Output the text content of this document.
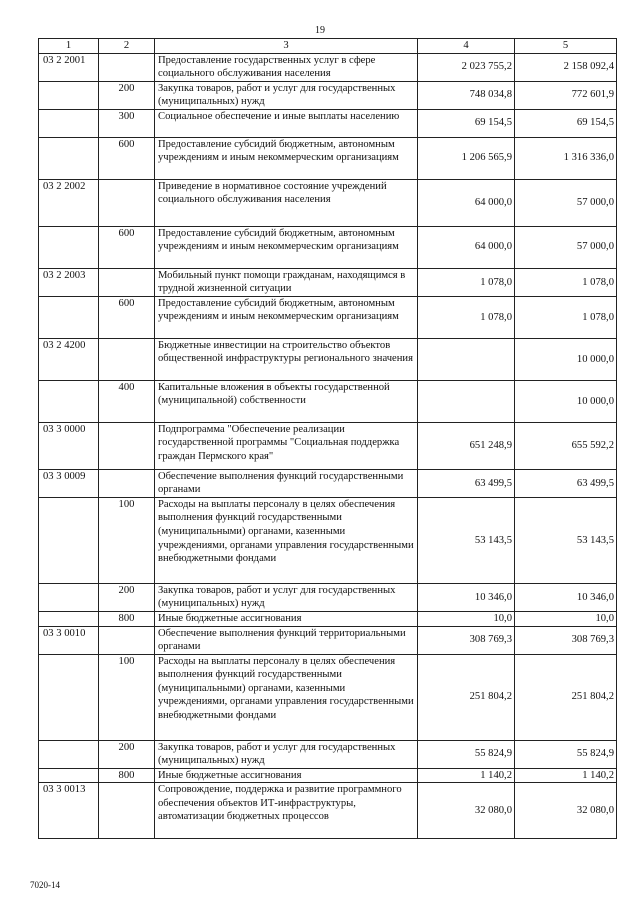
19
1	2	3	4	5
03 2 2001		Предоставление государственных услуг в сфере социального обслуживания населения	2 023 755,2	2 158 092,4
	200	Закупка товаров, работ и услуг для государственных (муниципальных) нужд	748 034,8	772 601,9
	300	Социальное обеспечение и иные выплаты населению	69 154,5	69 154,5
	600	Предоставление субсидий бюджетным, автономным учреждениям и иным некоммерческим организациям	1 206 565,9	1 316 336,0
03 2 2002		Приведение в нормативное состояние учреждений социального обслуживания населения	64 000,0	57 000,0
	600	Предоставление субсидий бюджетным, автономным учреждениям и иным некоммерческим организациям	64 000,0	57 000,0
03 2 2003		Мобильный пункт помощи гражданам, находящимся в трудной жизненной ситуации	1 078,0	1 078,0
	600	Предоставление субсидий бюджетным, автономным учреждениям и иным некоммерческим организациям	1 078,0	1 078,0
03 2 4200		Бюджетные инвестиции на строительство объектов общественной инфраструктуры регионального значения		10 000,0
	400	Капитальные вложения в объекты государственной (муниципальной) собственности		10 000,0
03 3 0000		Подпрограмма "Обеспечение реализации государственной программы "Социальная поддержка граждан Пермского края"	651 248,9	655 592,2
03 3 0009		Обеспечение выполнения функций государственными органами	63 499,5	63 499,5
	100	Расходы на выплаты персоналу в целях обеспечения выполнения функций государственными (муниципальными) органами, казенными учреждениями, органами управления государственными внебюджетными фондами	53 143,5	53 143,5
	200	Закупка товаров, работ и услуг для государственных (муниципальных) нужд	10 346,0	10 346,0
	800	Иные бюджетные ассигнования	10,0	10,0
03 3 0010		Обеспечение выполнения функций территориальными органами	308 769,3	308 769,3
	100	Расходы на выплаты персоналу в целях обеспечения выполнения функций государственными (муниципальными) органами, казенными учреждениями, органами управления государственными внебюджетными фондами	251 804,2	251 804,2
	200	Закупка товаров, работ и услуг для государственных (муниципальных) нужд	55 824,9	55 824,9
	800	Иные бюджетные ассигнования	1 140,2	1 140,2
03 3 0013		Сопровождение, поддержка и развитие программного обеспечения объектов ИТ-инфраструктуры, автоматизации бюджетных процессов	32 080,0	32 080,0
7020-14
